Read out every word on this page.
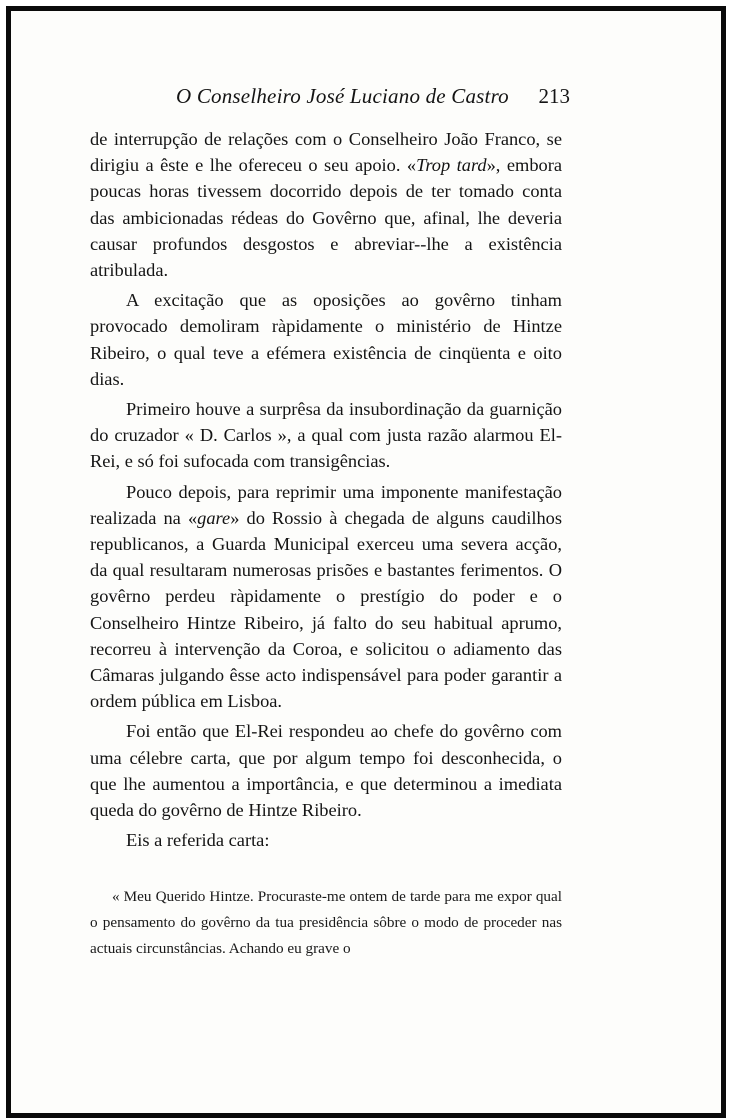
O Conselheiro José Luciano de Castro 213

de interrupção de relações com o Conselheiro João Franco, se dirigiu a êste e lhe ofereceu o seu apoio. «Trop tard», embora poucas horas tivessem docorrido depois de ter tomado conta das ambicionadas rédeas do Govêrno que, afinal, lhe deveria causar profundos desgostos e abreviar--lhe a existência atribulada.

A excitação que as oposições ao govêrno tinham provocado demoliram ràpidamente o ministério de Hintze Ribeiro, o qual teve a efémera existência de cinqüenta e oito dias.

Primeiro houve a surprêsa da insubordinação da guarnição do cruzador « D. Carlos », a qual com justa razão alarmou El-Rei, e só foi sufocada com transigências.

Pouco depois, para reprimir uma imponente manifestação realizada na «gare» do Rossio à chegada de alguns caudilhos republicanos, a Guarda Municipal exerceu uma severa acção, da qual resultaram numerosas prisões e bastantes ferimentos. O govêrno perdeu ràpidamente o prestígio do poder e o Conselheiro Hintze Ribeiro, já falto do seu habitual aprumo, recorreu à intervenção da Coroa, e solicitou o adiamento das Câmaras julgando êsse acto indispensável para poder garantir a ordem pública em Lisboa.

Foi então que El-Rei respondeu ao chefe do govêrno com uma célebre carta, que por algum tempo foi desconhecida, o que lhe aumentou a importância, e que determinou a imediata queda do govêrno de Hintze Ribeiro.

Eis a referida carta:

« Meu Querido Hintze. Procuraste-me ontem de tarde para me expor qual o pensamento do govêrno da tua presidência sôbre o modo de proceder nas actuais circunstâncias. Achando eu grave o
